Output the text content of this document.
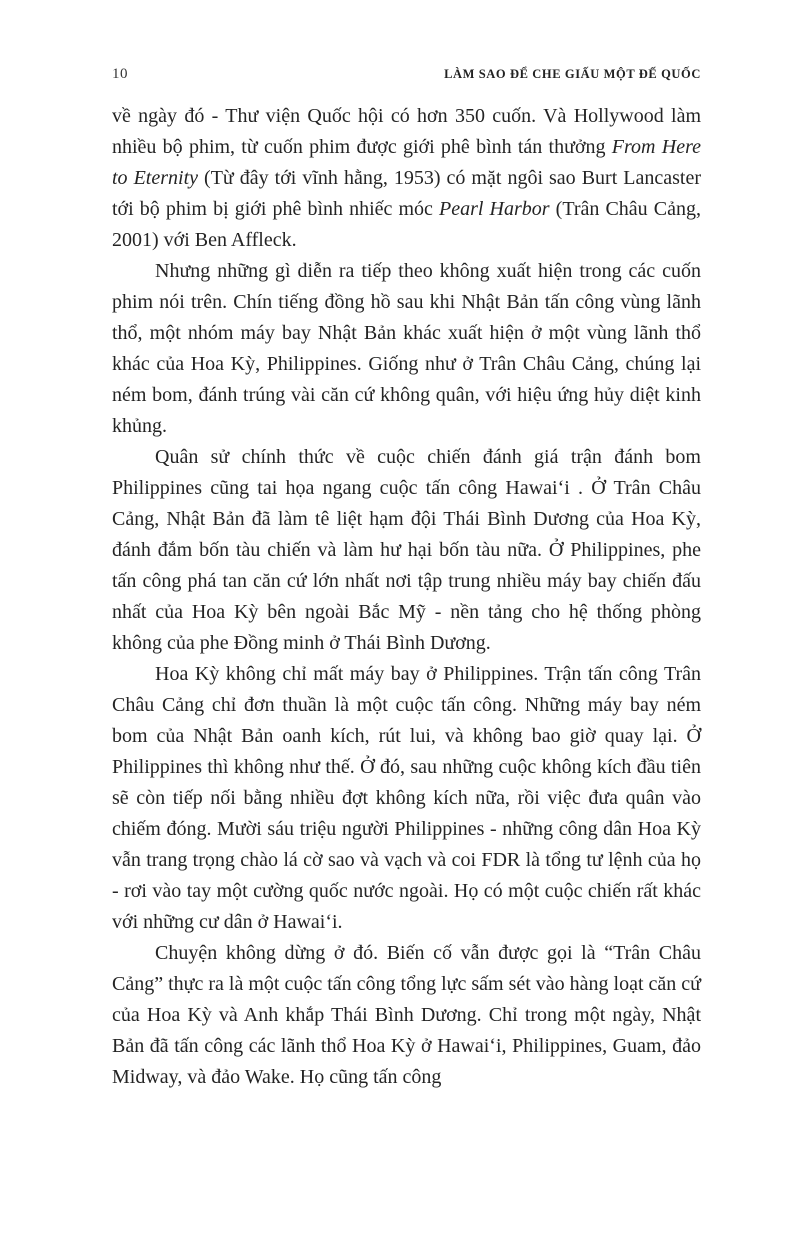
10	LÀM SAO ĐỂ CHE GIẤU MỘT ĐẾ QUỐC

về ngày đó - Thư viện Quốc hội có hơn 350 cuốn. Và Hollywood làm nhiều bộ phim, từ cuốn phim được giới phê bình tán thưởng From Here to Eternity (Từ đây tới vĩnh hằng, 1953) có mặt ngôi sao Burt Lancaster tới bộ phim bị giới phê bình nhiếc móc Pearl Harbor (Trân Châu Cảng, 2001) với Ben Affleck.

Nhưng những gì diễn ra tiếp theo không xuất hiện trong các cuốn phim nói trên. Chín tiếng đồng hồ sau khi Nhật Bản tấn công vùng lãnh thổ, một nhóm máy bay Nhật Bản khác xuất hiện ở một vùng lãnh thổ khác của Hoa Kỳ, Philippines. Giống như ở Trân Châu Cảng, chúng lại ném bom, đánh trúng vài căn cứ không quân, với hiệu ứng hủy diệt kinh khủng.

Quân sử chính thức về cuộc chiến đánh giá trận đánh bom Philippines cũng tai họa ngang cuộc tấn công Hawaiʻi . Ở Trân Châu Cảng, Nhật Bản đã làm tê liệt hạm đội Thái Bình Dương của Hoa Kỳ, đánh đắm bốn tàu chiến và làm hư hại bốn tàu nữa. Ở Philippines, phe tấn công phá tan căn cứ lớn nhất nơi tập trung nhiều máy bay chiến đấu nhất của Hoa Kỳ bên ngoài Bắc Mỹ - nền tảng cho hệ thống phòng không của phe Đồng minh ở Thái Bình Dương.

Hoa Kỳ không chỉ mất máy bay ở Philippines. Trận tấn công Trân Châu Cảng chỉ đơn thuần là một cuộc tấn công. Những máy bay ném bom của Nhật Bản oanh kích, rút lui, và không bao giờ quay lại. Ở Philippines thì không như thế. Ở đó, sau những cuộc không kích đầu tiên sẽ còn tiếp nối bằng nhiều đợt không kích nữa, rồi việc đưa quân vào chiếm đóng. Mười sáu triệu người Philippines - những công dân Hoa Kỳ vẫn trang trọng chào lá cờ sao và vạch và coi FDR là tổng tư lệnh của họ - rơi vào tay một cường quốc nước ngoài. Họ có một cuộc chiến rất khác với những cư dân ở Hawaiʻi.

Chuyện không dừng ở đó. Biến cố vẫn được gọi là “Trân Châu Cảng” thực ra là một cuộc tấn công tổng lực sấm sét vào hàng loạt căn cứ của Hoa Kỳ và Anh khắp Thái Bình Dương. Chỉ trong một ngày, Nhật Bản đã tấn công các lãnh thổ Hoa Kỳ ở Hawaiʻi, Philippines, Guam, đảo Midway, và đảo Wake. Họ cũng tấn công
